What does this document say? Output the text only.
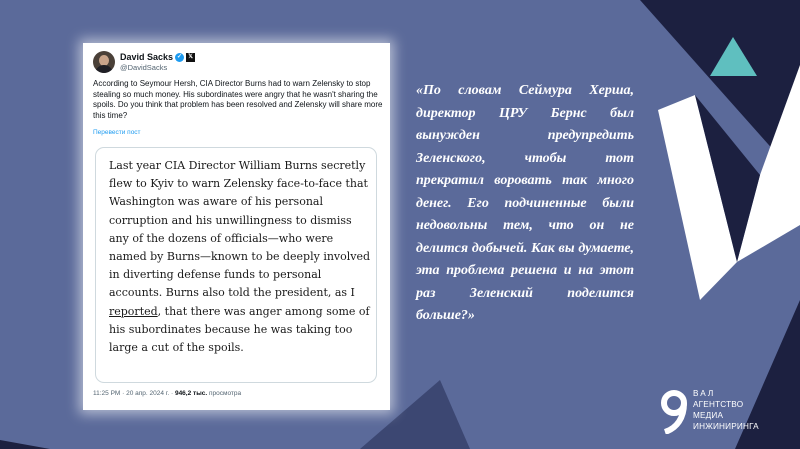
David Sacks ✓ 𝕏
@DavidSacks
According to Seymour Hersh, CIA Director Burns had to warn Zelensky to stop stealing so much money. His subordinates were angry that he wasn't sharing the spoils. Do you think that problem has been resolved and Zelensky will share more this time?
Перевести пост
Last year CIA Director William Burns secretly flew to Kyiv to warn Zelensky face-to-face that Washington was aware of his personal corruption and his unwillingness to dismiss any of the dozens of officials—who were named by Burns—known to be deeply involved in diverting defense funds to personal accounts. Burns also told the president, as I reported, that there was anger among some of his subordinates because he was taking too large a cut of the spoils.
11:25 PM · 20 апр. 2024 г. · 946,2 тыс. просмотра
«По словам Сеймура Херша, директор ЦРУ Бернс был вынужден предупредить Зеленского, чтобы тот прекратил воровать так много денег. Его подчиненные были недовольны тем, что он не делится добычей. Как вы думаете, эта проблема решена и на этот раз Зеленский поделится больше?»
ВАЛ
АГЕНТСТВО
МЕДИА
ИНЖИНИРИНГА
